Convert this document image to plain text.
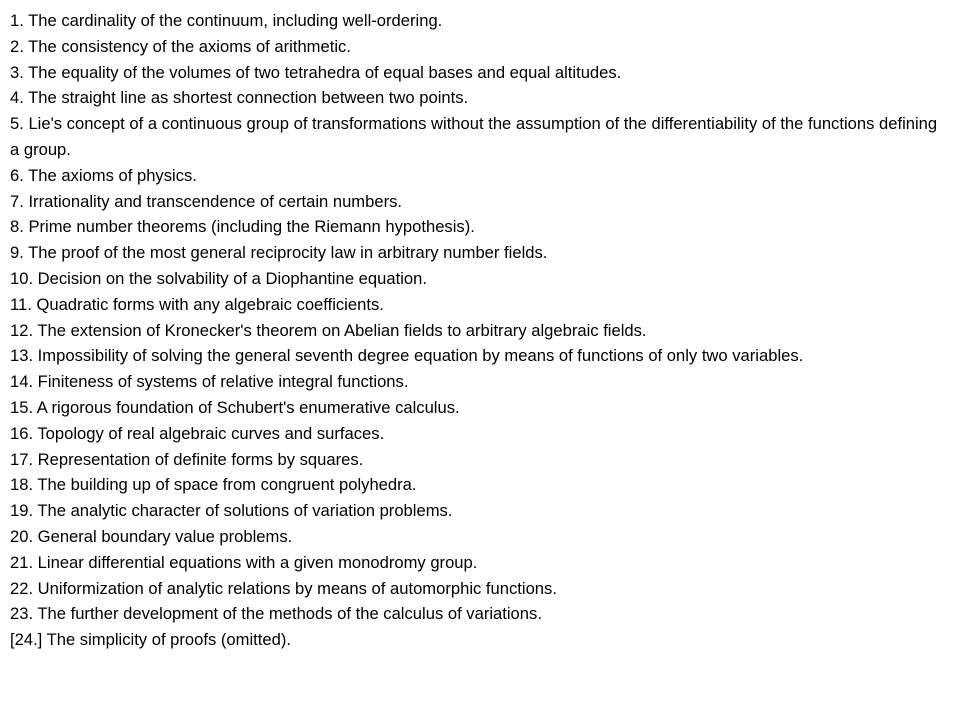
1. The cardinality of the continuum, including well-ordering.
2. The consistency of the axioms of arithmetic.
3. The equality of the volumes of two tetrahedra of equal bases and equal altitudes.
4. The straight line as shortest connection between two points.
5. Lie's concept of a continuous group of transformations without the assumption of the differentiability of the functions defining a group.
6. The axioms of physics.
7. Irrationality and transcendence of certain numbers.
8. Prime number theorems (including the Riemann hypothesis).
9. The proof of the most general reciprocity law in arbitrary number fields.
10. Decision on the solvability of a Diophantine equation.
11. Quadratic forms with any algebraic coefficients.
12. The extension of Kronecker's theorem on Abelian fields to arbitrary algebraic fields.
13. Impossibility of solving the general seventh degree equation by means of functions of only two variables.
14. Finiteness of systems of relative integral functions.
15. A rigorous foundation of Schubert's enumerative calculus.
16. Topology of real algebraic curves and surfaces.
17. Representation of definite forms by squares.
18. The building up of space from congruent polyhedra.
19. The analytic character of solutions of variation problems.
20. General boundary value problems.
21. Linear differential equations with a given monodromy group.
22. Uniformization of analytic relations by means of automorphic functions.
23. The further development of the methods of the calculus of variations.
[24.] The simplicity of proofs (omitted).
